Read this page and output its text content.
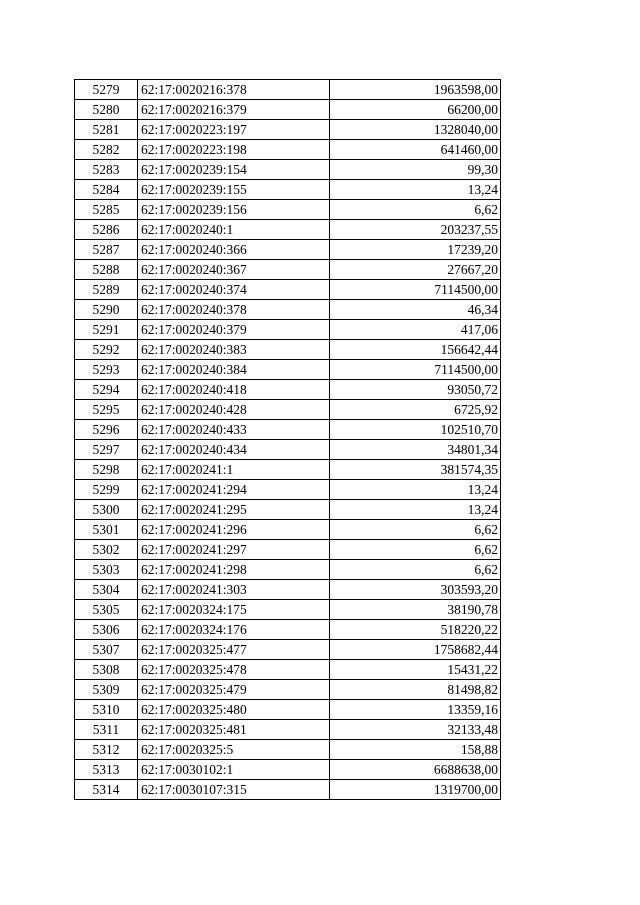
5279	62:17:0020216:378	1963598,00
5280	62:17:0020216:379	66200,00
5281	62:17:0020223:197	1328040,00
5282	62:17:0020223:198	641460,00
5283	62:17:0020239:154	99,30
5284	62:17:0020239:155	13,24
5285	62:17:0020239:156	6,62
5286	62:17:0020240:1	203237,55
5287	62:17:0020240:366	17239,20
5288	62:17:0020240:367	27667,20
5289	62:17:0020240:374	7114500,00
5290	62:17:0020240:378	46,34
5291	62:17:0020240:379	417,06
5292	62:17:0020240:383	156642,44
5293	62:17:0020240:384	7114500,00
5294	62:17:0020240:418	93050,72
5295	62:17:0020240:428	6725,92
5296	62:17:0020240:433	102510,70
5297	62:17:0020240:434	34801,34
5298	62:17:0020241:1	381574,35
5299	62:17:0020241:294	13,24
5300	62:17:0020241:295	13,24
5301	62:17:0020241:296	6,62
5302	62:17:0020241:297	6,62
5303	62:17:0020241:298	6,62
5304	62:17:0020241:303	303593,20
5305	62:17:0020324:175	38190,78
5306	62:17:0020324:176	518220,22
5307	62:17:0020325:477	1758682,44
5308	62:17:0020325:478	15431,22
5309	62:17:0020325:479	81498,82
5310	62:17:0020325:480	13359,16
5311	62:17:0020325:481	32133,48
5312	62:17:0020325:5	158,88
5313	62:17:0030102:1	6688638,00
5314	62:17:0030107:315	1319700,00
